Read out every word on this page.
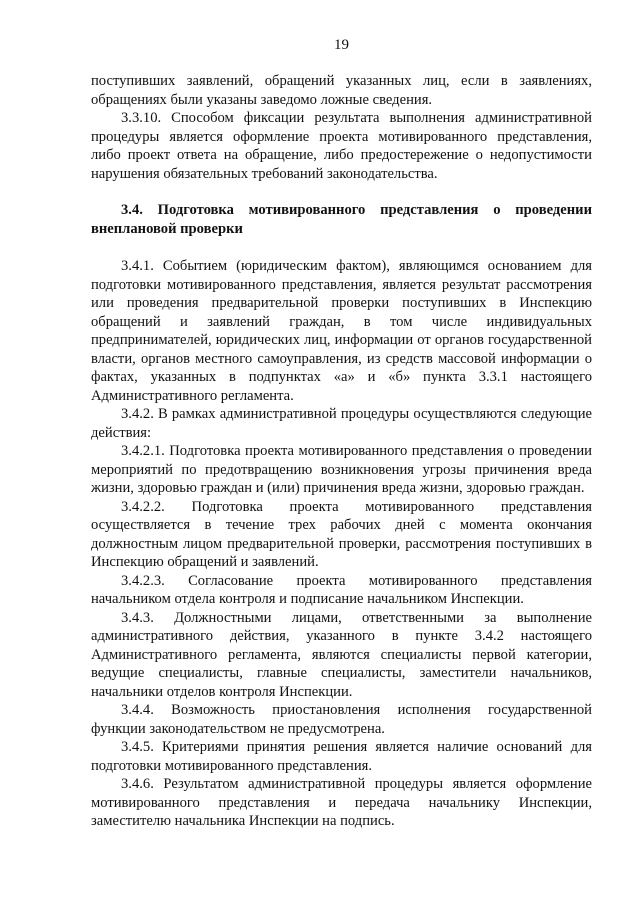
19

поступивших заявлений, обращений указанных лиц, если в заявлениях, обращениях были указаны заведомо ложные сведения.

3.3.10. Способом фиксации результата выполнения административной процедуры является оформление проекта мотивированного представления, либо проект ответа на обращение, либо предостережение о недопустимости нарушения обязательных требований законодательства.

3.4. Подготовка мотивированного представления о проведении внеплановой проверки

3.4.1. Событием (юридическим фактом), являющимся основанием для подготовки мотивированного представления, является результат рассмотрения или проведения предварительной проверки поступивших в Инспекцию обращений и заявлений граждан, в том числе индивидуальных предпринимателей, юридических лиц, информации от органов государственной власти, органов местного самоуправления, из средств массовой информации о фактах, указанных в подпунктах «а» и «б» пункта 3.3.1 настоящего Административного регламента.

3.4.2. В рамках административной процедуры осуществляются следующие действия:

3.4.2.1. Подготовка проекта мотивированного представления о проведении мероприятий по предотвращению возникновения угрозы причинения вреда жизни, здоровью граждан и (или) причинения вреда жизни, здоровью граждан.

3.4.2.2. Подготовка проекта мотивированного представления осуществляется в течение трех рабочих дней с момента окончания должностным лицом предварительной проверки, рассмотрения поступивших в Инспекцию обращений и заявлений.

3.4.2.3. Согласование проекта мотивированного представления начальником отдела контроля и подписание начальником Инспекции.

3.4.3. Должностными лицами, ответственными за выполнение административного действия, указанного в пункте 3.4.2 настоящего Административного регламента, являются специалисты первой категории, ведущие специалисты, главные специалисты, заместители начальников, начальники отделов контроля Инспекции.

3.4.4. Возможность приостановления исполнения государственной функции законодательством не предусмотрена.

3.4.5. Критериями принятия решения является наличие оснований для подготовки мотивированного представления.

3.4.6. Результатом административной процедуры является оформление мотивированного представления и передача начальнику Инспекции, заместителю начальника Инспекции на подпись.
